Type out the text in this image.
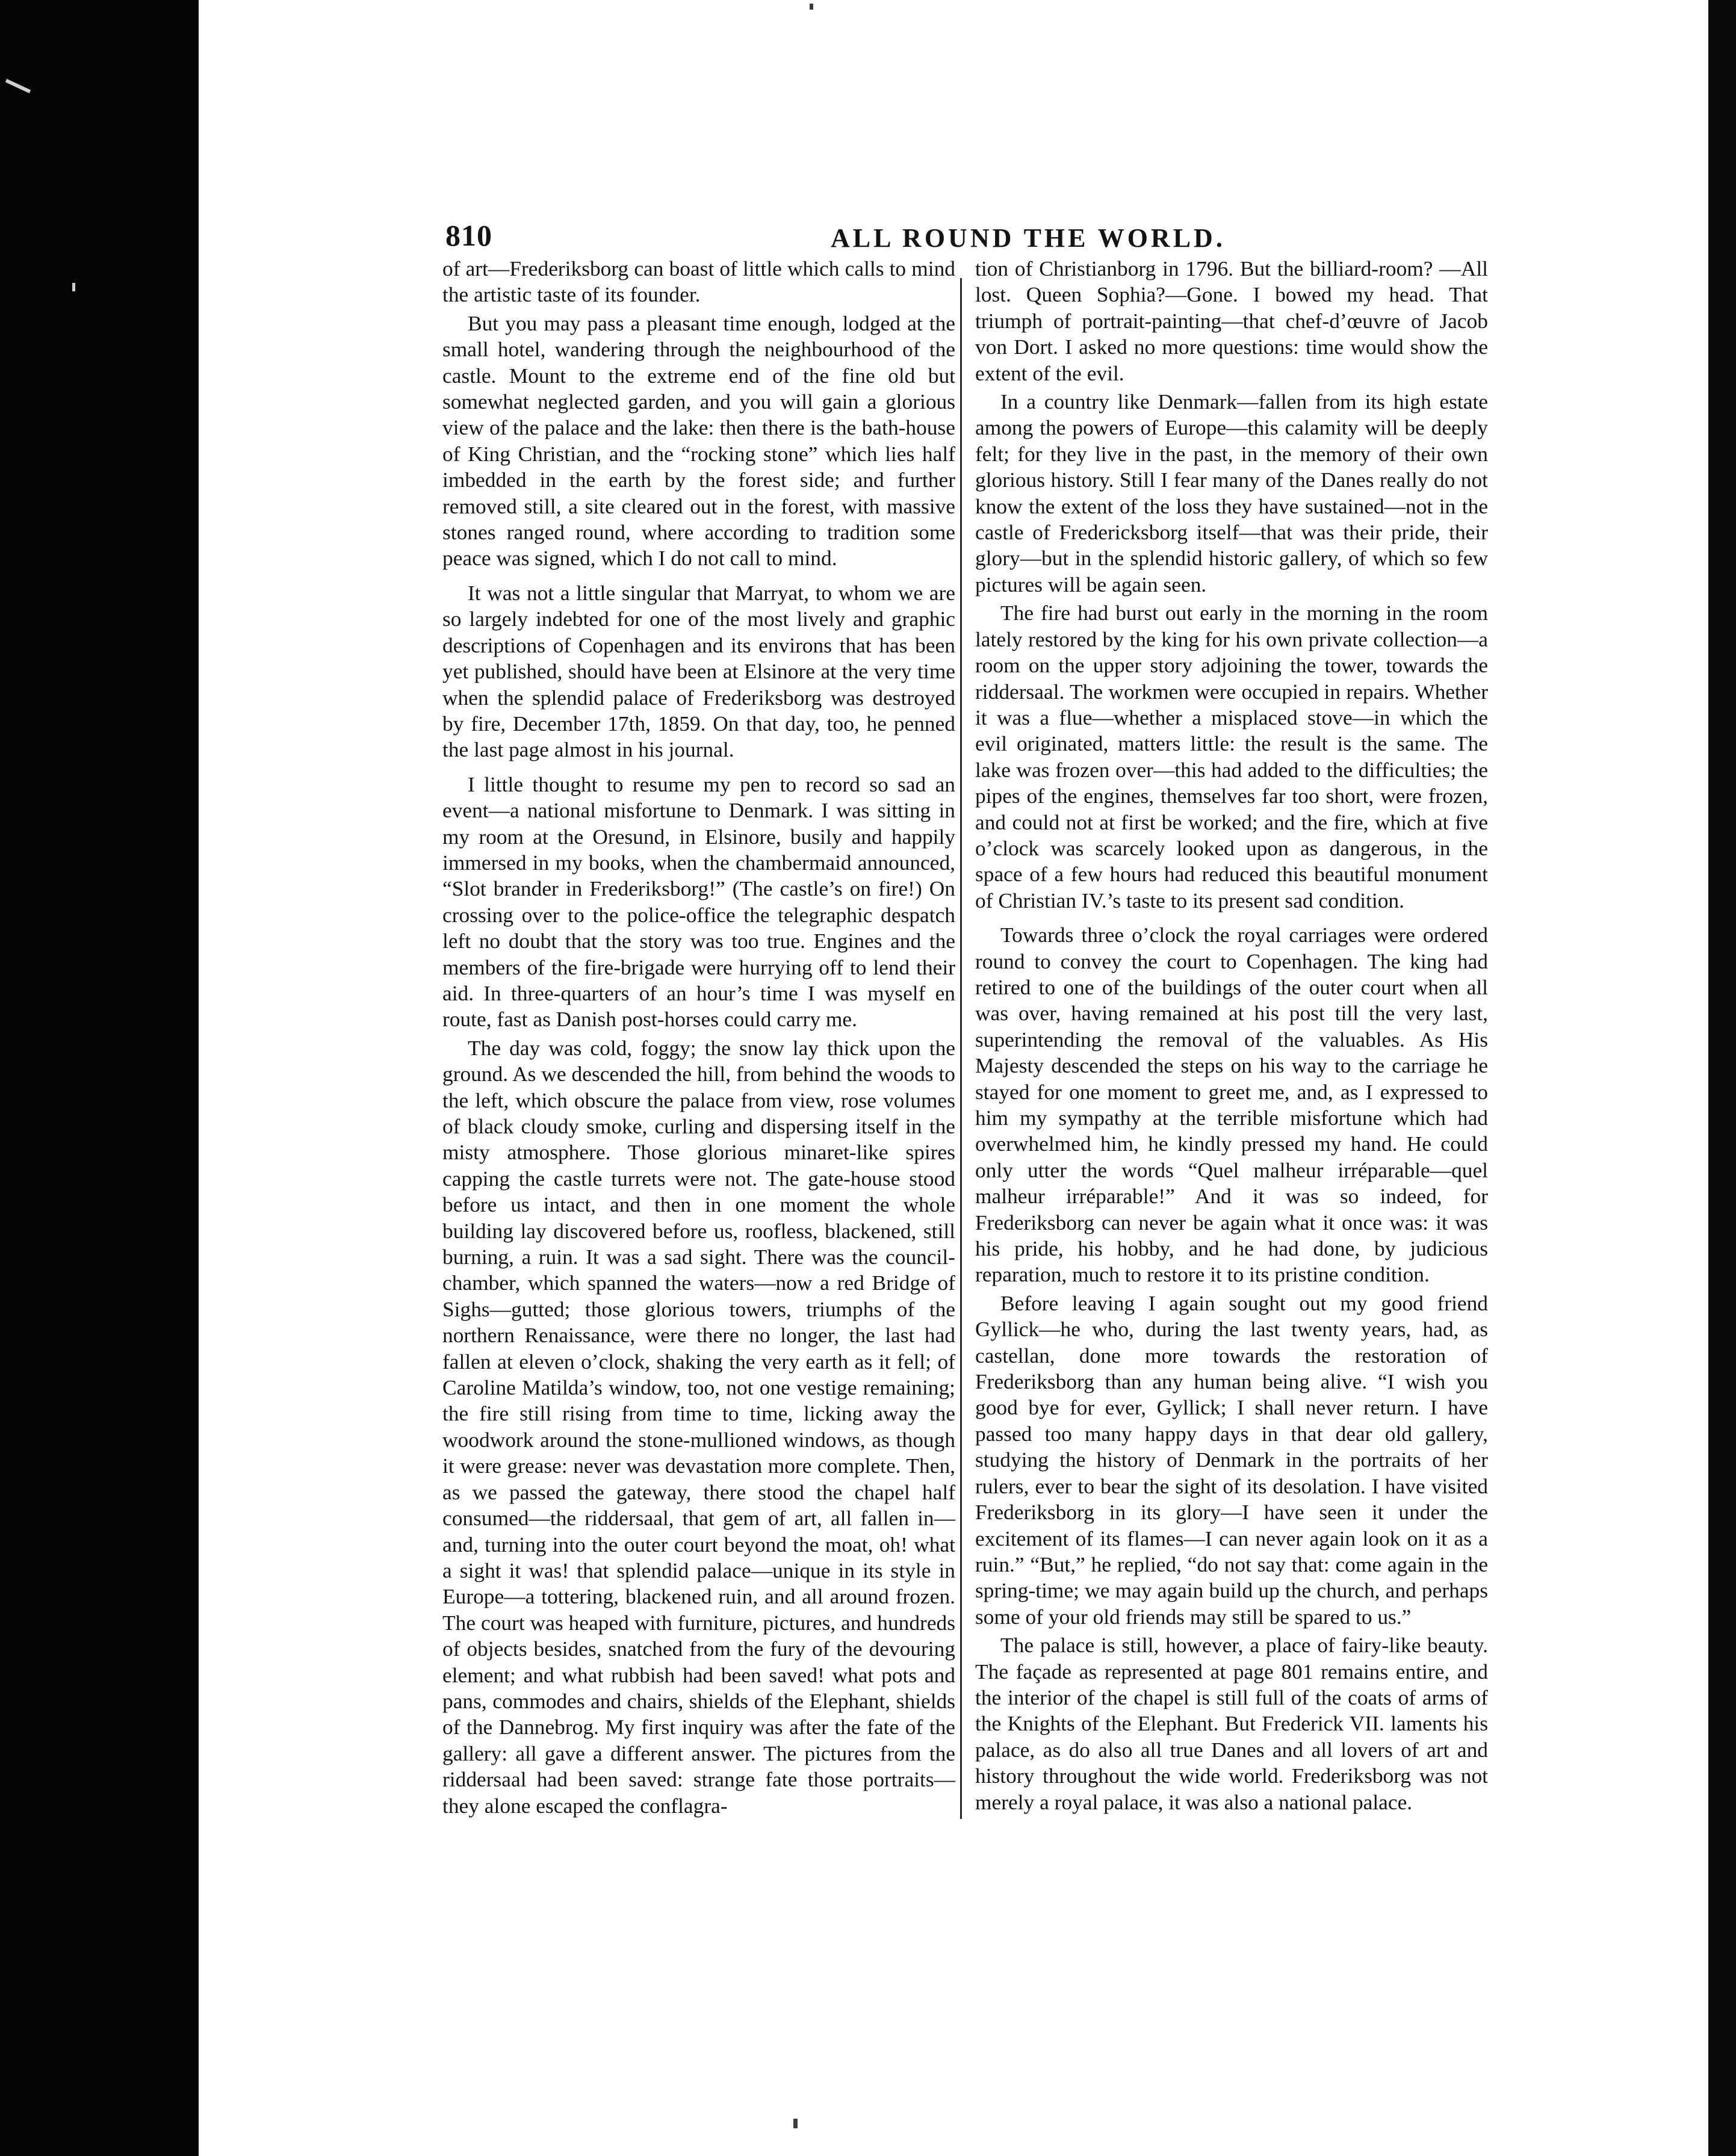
810	ALL ROUND THE WORLD.

of art—Frederiksborg can boast of little which calls to mind the artistic taste of its founder.

But you may pass a pleasant time enough, lodged at the small hotel, wandering through the neighbourhood of the castle. Mount to the extreme end of the fine old but somewhat neglected garden, and you will gain a glorious view of the palace and the lake: then there is the bath-house of King Christian, and the “rocking stone” which lies half imbedded in the earth by the forest side; and further removed still, a site cleared out in the forest, with massive stones ranged round, where according to tradition some peace was signed, which I do not call to mind.

It was not a little singular that Marryat, to whom we are so largely indebted for one of the most lively and graphic descriptions of Copenhagen and its environs that has been yet published, should have been at Elsinore at the very time when the splendid palace of Frederiksborg was destroyed by fire, December 17th, 1859. On that day, too, he penned the last page almost in his journal.

I little thought to resume my pen to record so sad an event—a national misfortune to Denmark. I was sitting in my room at the Oresund, in Elsinore, busily and happily immersed in my books, when the chambermaid announced, “Slot brander in Frederiksborg!” (The castle’s on fire!) On crossing over to the police-office the telegraphic despatch left no doubt that the story was too true. Engines and the members of the fire-brigade were hurrying off to lend their aid. In three-quarters of an hour’s time I was myself en route, fast as Danish post-horses could carry me.

The day was cold, foggy; the snow lay thick upon the ground. As we descended the hill, from behind the woods to the left, which obscure the palace from view, rose volumes of black cloudy smoke, curling and dispersing itself in the misty atmosphere. Those glorious minaret-like spires capping the castle turrets were not. The gate-house stood before us intact, and then in one moment the whole building lay discovered before us, roofless, blackened, still burning, a ruin. It was a sad sight. There was the council-chamber, which spanned the waters—now a red Bridge of Sighs—gutted; those glorious towers, triumphs of the northern Renaissance, were there no longer, the last had fallen at eleven o’clock, shaking the very earth as it fell; of Caroline Matilda’s window, too, not one vestige remaining; the fire still rising from time to time, licking away the woodwork around the stone-mullioned windows, as though it were grease: never was devastation more complete. Then, as we passed the gateway, there stood the chapel half consumed—the riddersaal, that gem of art, all fallen in—and, turning into the outer court beyond the moat, oh! what a sight it was! that splendid palace—unique in its style in Europe—a tottering, blackened ruin, and all around frozen. The court was heaped with furniture, pictures, and hundreds of objects besides, snatched from the fury of the devouring element; and what rubbish had been saved! what pots and pans, commodes and chairs, shields of the Elephant, shields of the Dannebrog. My first inquiry was after the fate of the gallery: all gave a different answer. The pictures from the riddersaal had been saved: strange fate those portraits—they alone escaped the conflagra-

tion of Christianborg in 1796. But the billiard-room? —All lost. Queen Sophia?—Gone. I bowed my head. That triumph of portrait-painting—that chef-d’œuvre of Jacob von Dort. I asked no more questions: time would show the extent of the evil.

In a country like Denmark—fallen from its high estate among the powers of Europe—this calamity will be deeply felt; for they live in the past, in the memory of their own glorious history. Still I fear many of the Danes really do not know the extent of the loss they have sustained—not in the castle of Fredericksborg itself—that was their pride, their glory—but in the splendid historic gallery, of which so few pictures will be again seen.

The fire had burst out early in the morning in the room lately restored by the king for his own private collection—a room on the upper story adjoining the tower, towards the riddersaal. The workmen were occupied in repairs. Whether it was a flue—whether a misplaced stove—in which the evil originated, matters little: the result is the same. The lake was frozen over—this had added to the difficulties; the pipes of the engines, themselves far too short, were frozen, and could not at first be worked; and the fire, which at five o’clock was scarcely looked upon as dangerous, in the space of a few hours had reduced this beautiful monument of Christian IV.’s taste to its present sad condition.

Towards three o’clock the royal carriages were ordered round to convey the court to Copenhagen. The king had retired to one of the buildings of the outer court when all was over, having remained at his post till the very last, superintending the removal of the valuables. As His Majesty descended the steps on his way to the carriage he stayed for one moment to greet me, and, as I expressed to him my sympathy at the terrible misfortune which had overwhelmed him, he kindly pressed my hand. He could only utter the words “Quel malheur irréparable—quel malheur irréparable!” And it was so indeed, for Frederiksborg can never be again what it once was: it was his pride, his hobby, and he had done, by judicious reparation, much to restore it to its pristine condition.

Before leaving I again sought out my good friend Gyllick—he who, during the last twenty years, had, as castellan, done more towards the restoration of Frederiksborg than any human being alive. “I wish you good bye for ever, Gyllick; I shall never return. I have passed too many happy days in that dear old gallery, studying the history of Denmark in the portraits of her rulers, ever to bear the sight of its desolation. I have visited Frederiksborg in its glory—I have seen it under the excitement of its flames—I can never again look on it as a ruin.” “But,” he replied, “do not say that: come again in the spring-time; we may again build up the church, and perhaps some of your old friends may still be spared to us.”

The palace is still, however, a place of fairy-like beauty. The façade as represented at page 801 remains entire, and the interior of the chapel is still full of the coats of arms of the Knights of the Elephant. But Frederick VII. laments his palace, as do also all true Danes and all lovers of art and history throughout the wide world. Frederiksborg was not merely a royal palace, it was also a national palace.
